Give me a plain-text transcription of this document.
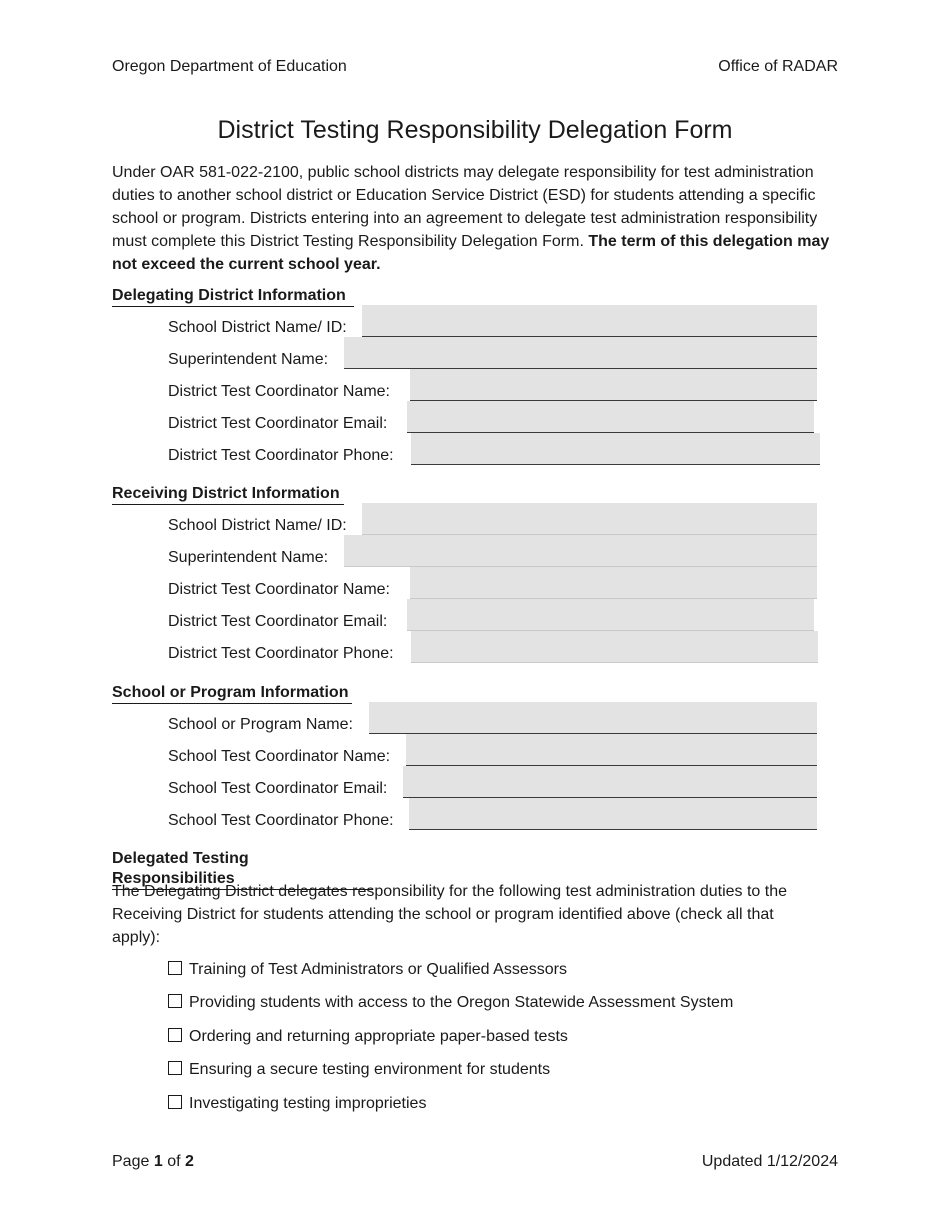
Oregon Department of Education	Office of RADAR
District Testing Responsibility Delegation Form
Under OAR 581-022-2100, public school districts may delegate responsibility for test administration duties to another school district or Education Service District (ESD) for students attending a specific school or program. Districts entering into an agreement to delegate test administration responsibility must complete this District Testing Responsibility Delegation Form. The term of this delegation may not exceed the current school year.
Delegating District Information
School District Name/ ID:
Superintendent Name:
District Test Coordinator Name:
District Test Coordinator Email:
District Test Coordinator Phone:
Receiving District Information
School District Name/ ID:
Superintendent Name:
District Test Coordinator Name:
District Test Coordinator Email:
District Test Coordinator Phone:
School or Program Information
School or Program Name:
School Test Coordinator Name:
School Test Coordinator Email:
School Test Coordinator Phone:
Delegated Testing Responsibilities
The Delegating District delegates responsibility for the following test administration duties to the Receiving District for students attending the school or program identified above (check all that apply):
Training of Test Administrators or Qualified Assessors
Providing students with access to the Oregon Statewide Assessment System
Ordering and returning appropriate paper-based tests
Ensuring a secure testing environment for students
Investigating testing improprieties
Page 1 of 2	Updated 1/12/2024
